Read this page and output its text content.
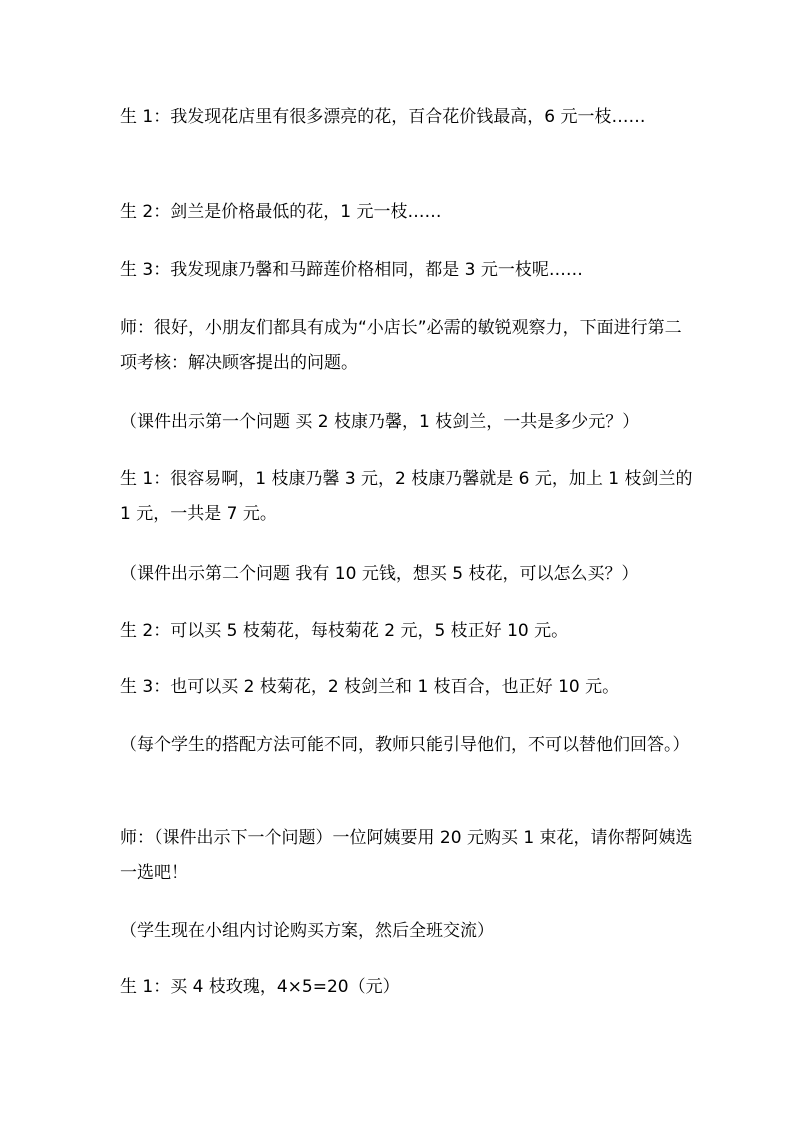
生 1：我发现花店里有很多漂亮的花，百合花价钱最高，6 元一枝……

生 2：剑兰是价格最低的花，1 元一枝……

生 3：我发现康乃馨和马蹄莲价格相同，都是 3 元一枝呢……

师：很好，小朋友们都具有成为“小店长”必需的敏锐观察力，下面进行第二项考核：解决顾客提出的问题。

（课件出示第一个问题 买 2 枝康乃馨，1 枝剑兰，一共是多少元？）

生 1：很容易啊，1 枝康乃馨 3 元，2 枝康乃馨就是 6 元，加上 1 枝剑兰的 1 元，一共是 7 元。

（课件出示第二个问题 我有 10 元钱，想买 5 枝花，可以怎么买？）

生 2：可以买 5 枝菊花，每枝菊花 2 元，5 枝正好 10 元。

生 3：也可以买 2 枝菊花，2 枝剑兰和 1 枝百合，也正好 10 元。

（每个学生的搭配方法可能不同，教师只能引导他们，不可以替他们回答。）

师：（课件出示下一个问题）一位阿姨要用 20 元购买 1 束花，请你帮阿姨选一选吧！

（学生现在小组内讨论购买方案，然后全班交流）

生 1：买 4 枝玫瑰，4×5=20（元）
